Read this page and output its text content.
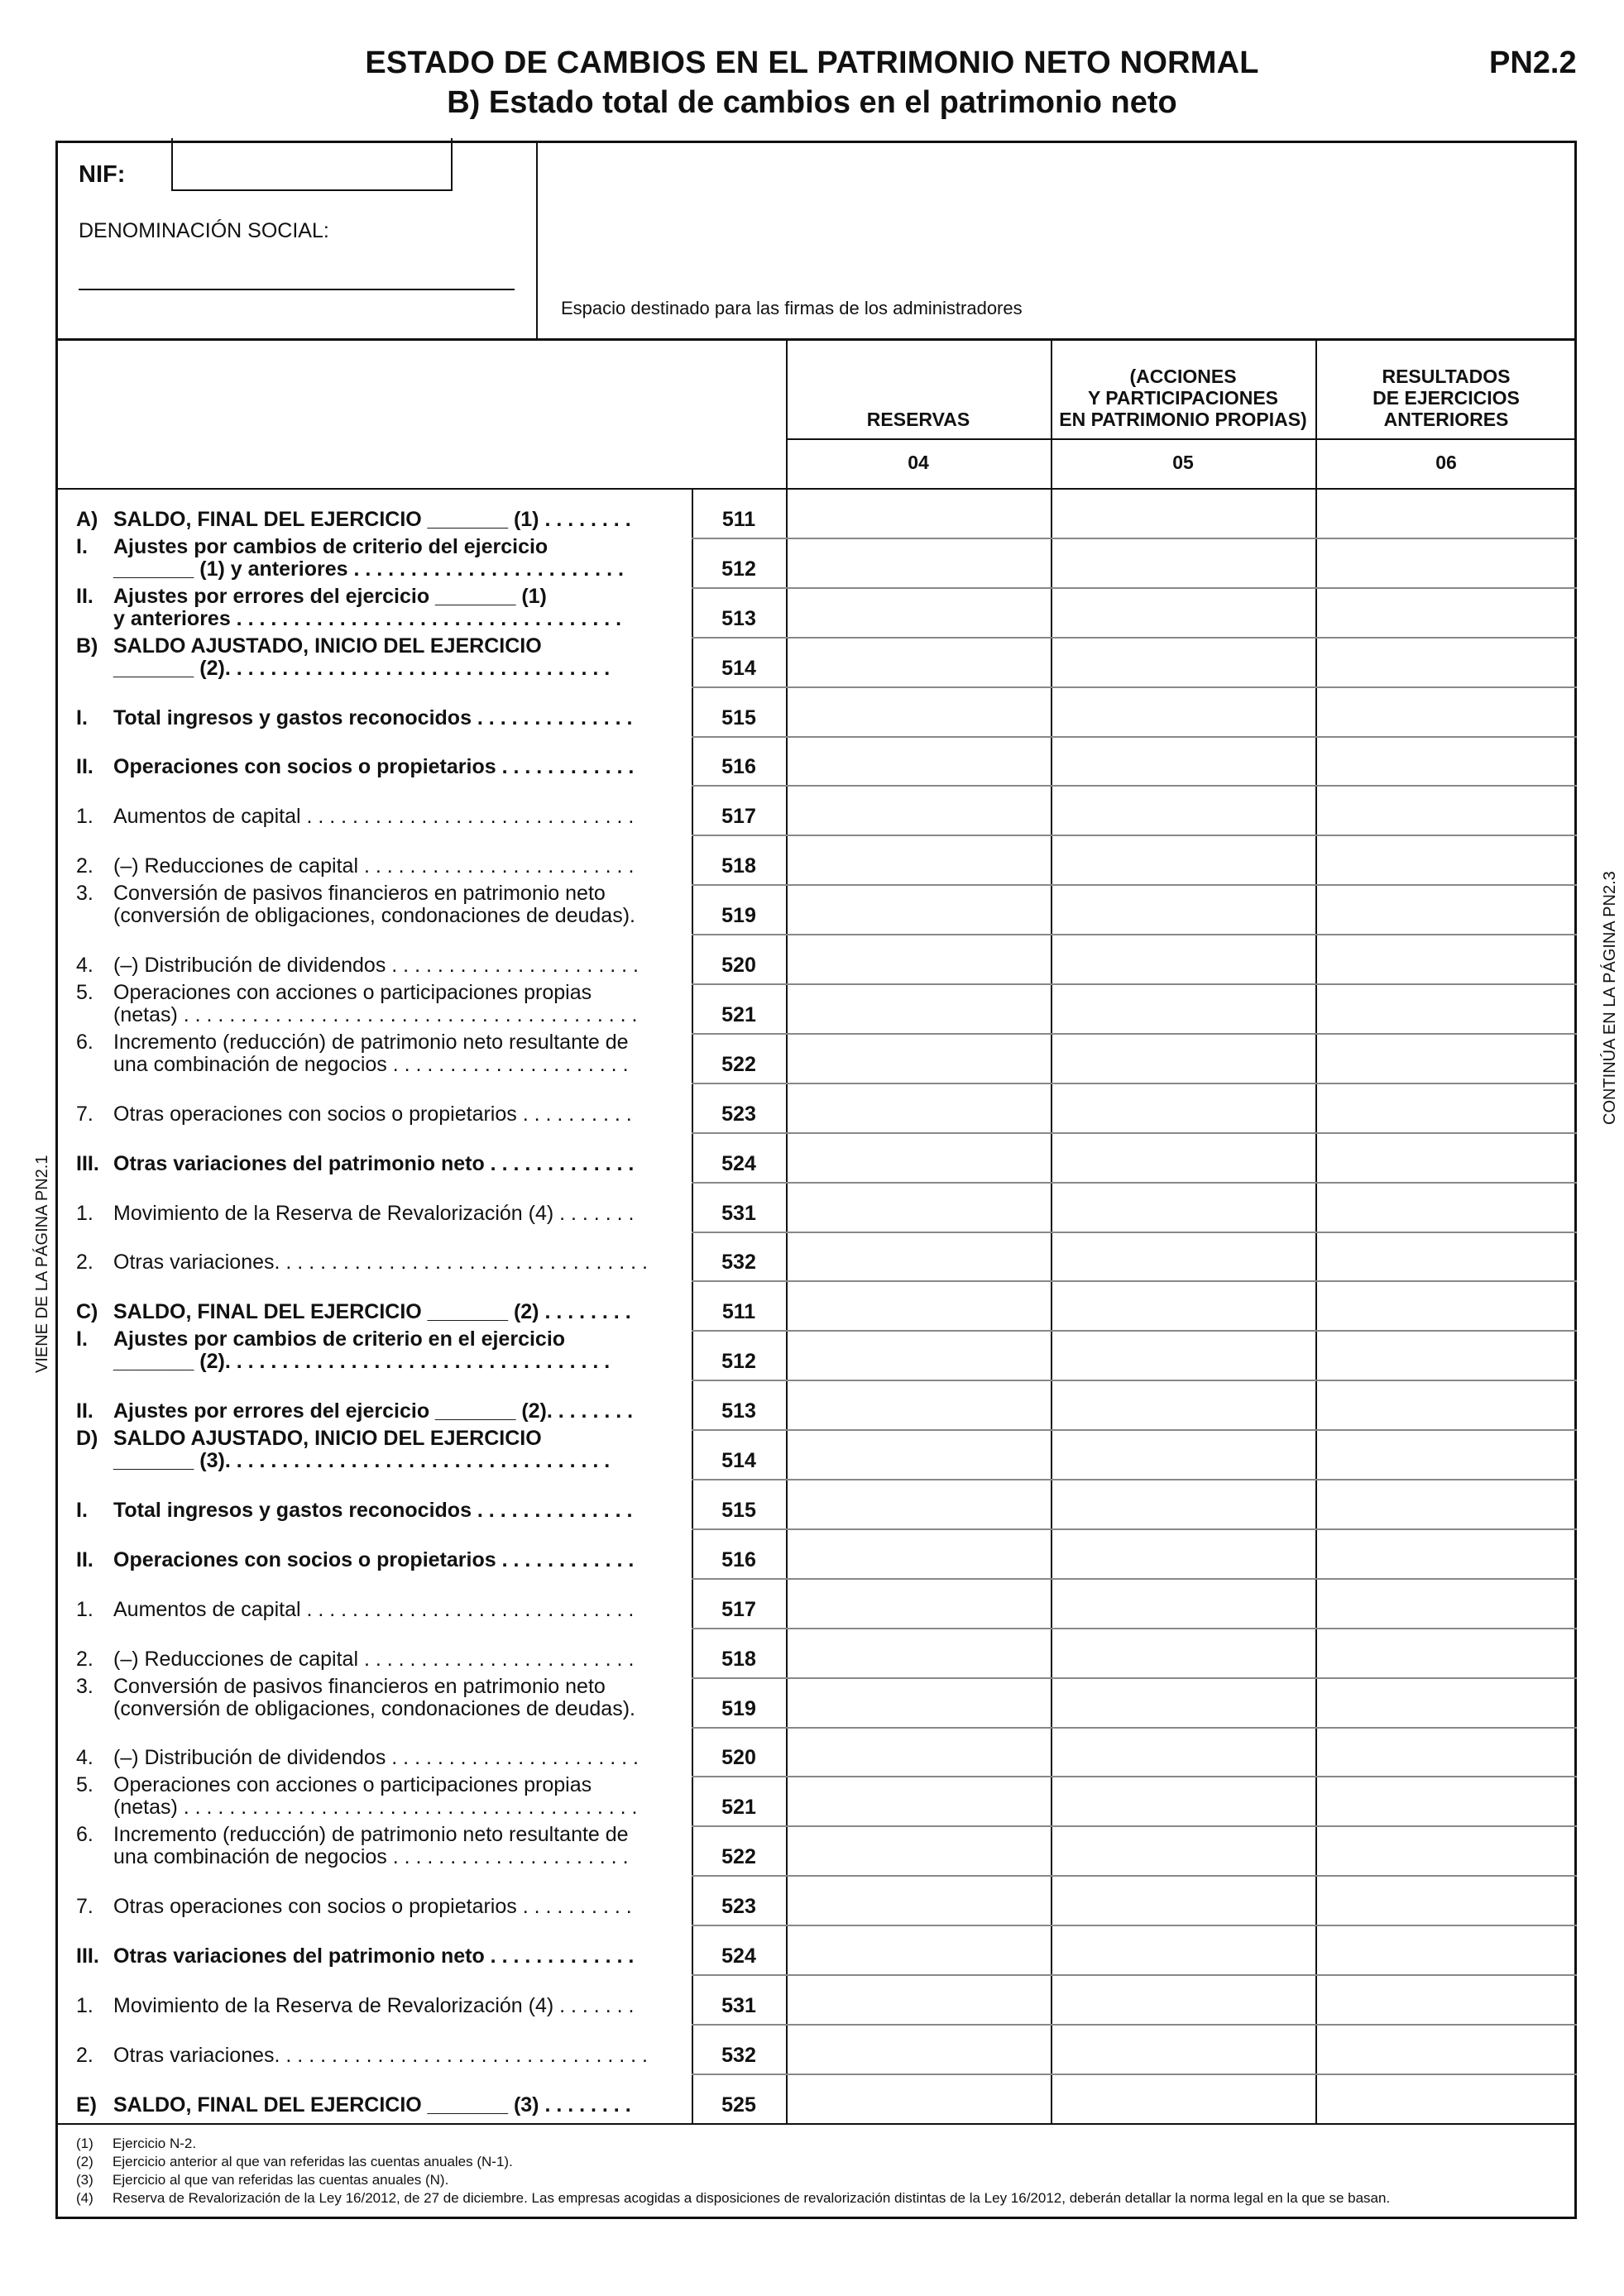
ESTADO DE CAMBIOS EN EL PATRIMONIO NETO NORMAL
B) Estado total de cambios en el patrimonio neto
PN2.2
NIF:
DENOMINACIÓN SOCIAL:
Espacio destinado para las firmas de los administradores
RESERVAS
04
(ACCIONES
Y PARTICIPACIONES
EN PATRIMONIO PROPIAS)
05
RESULTADOS
DE EJERCICIOS
ANTERIORES
06
A) SALDO, FINAL DEL EJERCICIO _______ (1) . . . . . . . .	511
I. Ajustes por cambios de criterio del ejercicio
_______ (1) y anteriores . . . . . . . . . . . . . . . . . . . . . . . .	512
II. Ajustes por errores del ejercicio _______ (1)
y anteriores . . . . . . . . . . . . . . . . . . . . . . . . . . . . . . . . . .	513
B) SALDO AJUSTADO, INICIO DEL EJERCICIO
_______ (2). . . . . . . . . . . . . . . . . . . . . . . . . . . . . . . . . .	514
I. Total ingresos y gastos reconocidos . . . . . . . . . . . . . .	515
II. Operaciones con socios o propietarios . . . . . . . . . . . .	516
1. Aumentos de capital . . . . . . . . . . . . . . . . . . . . . . . . . . . . .	517
2. (–) Reducciones de capital . . . . . . . . . . . . . . . . . . . . . . . .	518
3. Conversión de pasivos financieros en patrimonio neto
(conversión de obligaciones, condonaciones de deudas).	519
4. (–) Distribución de dividendos . . . . . . . . . . . . . . . . . . . . . .	520
5. Operaciones con acciones o participaciones propias
(netas) . . . . . . . . . . . . . . . . . . . . . . . . . . . . . . . . . . . . . . . .	521
6. Incremento (reducción) de patrimonio neto resultante de
una combinación de negocios . . . . . . . . . . . . . . . . . . . . .	522
7. Otras operaciones con socios o propietarios . . . . . . . . . .	523
III. Otras variaciones del patrimonio neto . . . . . . . . . . . . .	524
1. Movimiento de la Reserva de Revalorización (4) . . . . . . .	531
2. Otras variaciones. . . . . . . . . . . . . . . . . . . . . . . . . . . . . . . . .	532
C) SALDO, FINAL DEL EJERCICIO _______ (2) . . . . . . . .	511
I. Ajustes por cambios de criterio en el ejercicio
_______ (2). . . . . . . . . . . . . . . . . . . . . . . . . . . . . . . . . .	512
II. Ajustes por errores del ejercicio _______ (2). . . . . . . .	513
D) SALDO AJUSTADO, INICIO DEL EJERCICIO
_______ (3). . . . . . . . . . . . . . . . . . . . . . . . . . . . . . . . . .	514
I. Total ingresos y gastos reconocidos . . . . . . . . . . . . . .	515
II. Operaciones con socios o propietarios . . . . . . . . . . . .	516
1. Aumentos de capital . . . . . . . . . . . . . . . . . . . . . . . . . . . . .	517
2. (–) Reducciones de capital . . . . . . . . . . . . . . . . . . . . . . . .	518
3. Conversión de pasivos financieros en patrimonio neto
(conversión de obligaciones, condonaciones de deudas).	519
4. (–) Distribución de dividendos . . . . . . . . . . . . . . . . . . . . . .	520
5. Operaciones con acciones o participaciones propias
(netas) . . . . . . . . . . . . . . . . . . . . . . . . . . . . . . . . . . . . . . . .	521
6. Incremento (reducción) de patrimonio neto resultante de
una combinación de negocios . . . . . . . . . . . . . . . . . . . . .	522
7. Otras operaciones con socios o propietarios . . . . . . . . . .	523
III. Otras variaciones del patrimonio neto . . . . . . . . . . . . .	524
1. Movimiento de la Reserva de Revalorización (4) . . . . . . .	531
2. Otras variaciones. . . . . . . . . . . . . . . . . . . . . . . . . . . . . . . . .	532
E) SALDO, FINAL DEL EJERCICIO _______ (3) . . . . . . . .	525
VIENE DE LA PÁGINA PN2.1
CONTINÚA EN LA PÁGINA PN2.3
(1) Ejercicio N-2.
(2) Ejercicio anterior al que van referidas las cuentas anuales (N-1).
(3) Ejercicio al que van referidas las cuentas anuales (N).
(4) Reserva de Revalorización de la Ley 16/2012, de 27 de diciembre. Las empresas acogidas a disposiciones de revalorización distintas de la Ley 16/2012, deberán detallar la norma legal en la que se basan.
